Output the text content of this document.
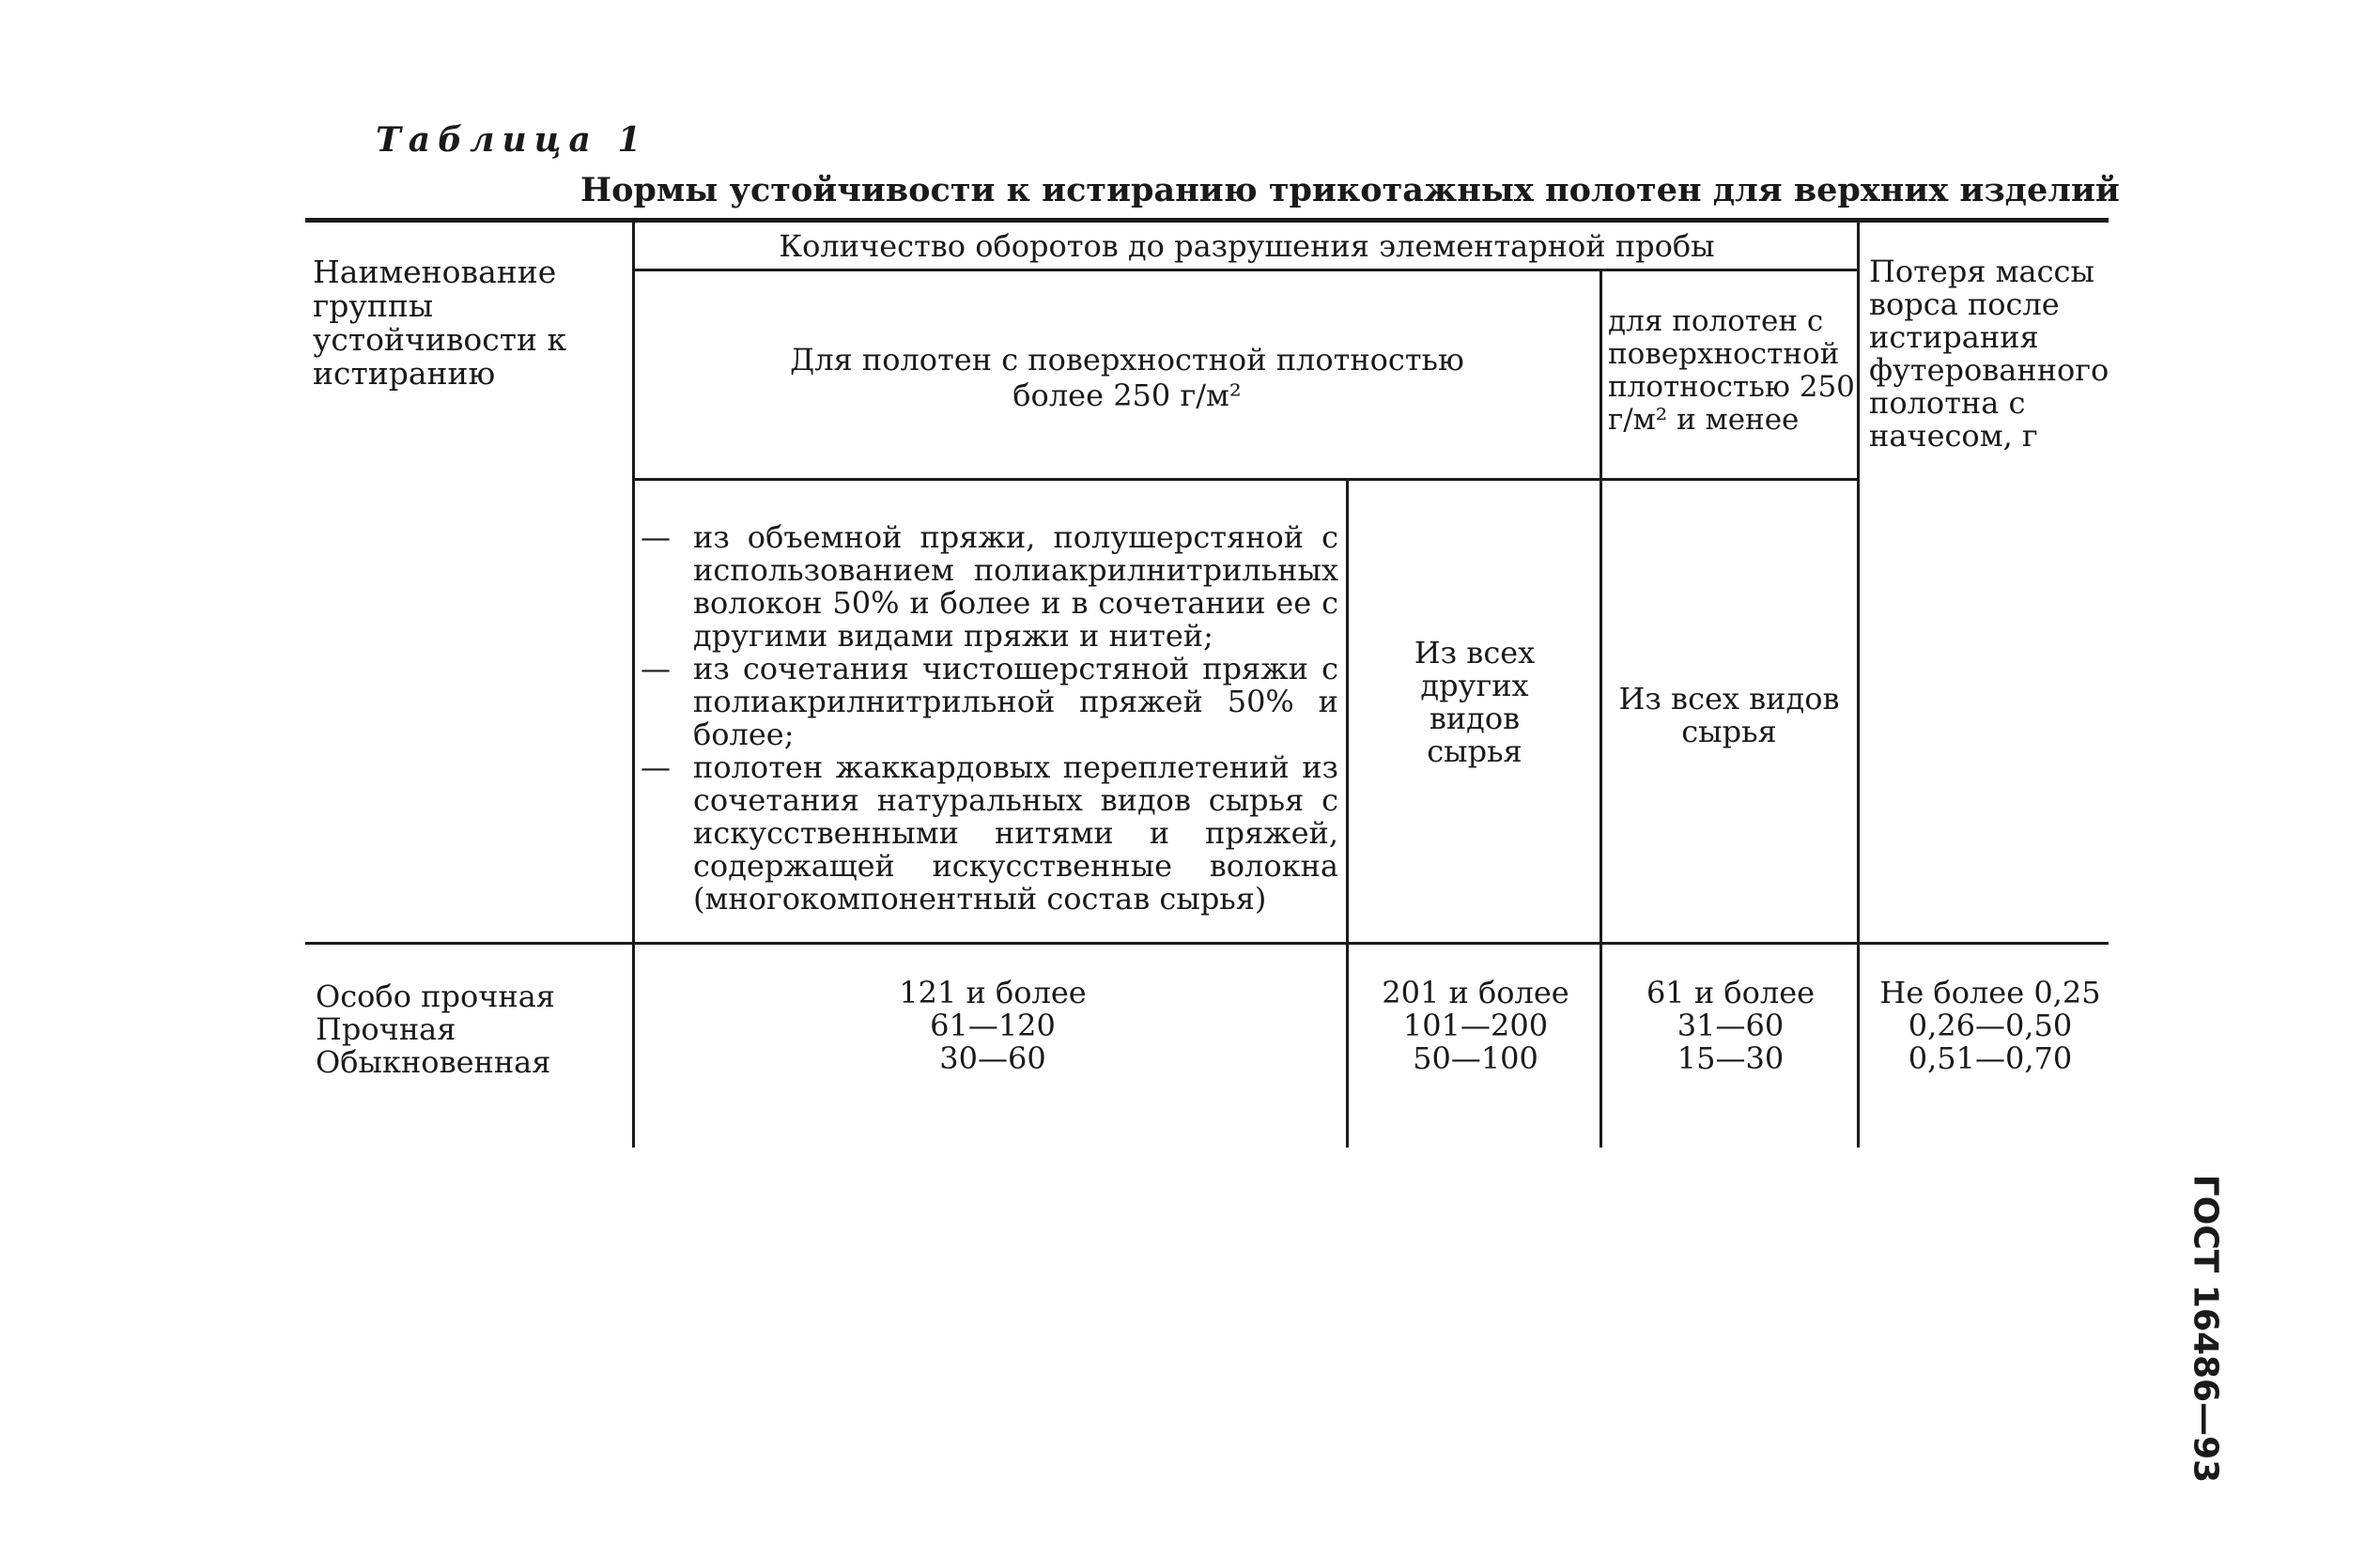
Таблица 1
Нормы устойчивости к истиранию трикотажных полотен для верхних изделий
Наименование группы устойчивости к истиранию
Количество оборотов до разрушения элементарной пробы
Для полотен с поверхностной плотностью более 250 г/м²
для полотен с поверхностной плотностью 250 г/м² и менее
Потеря массы ворса после истирания футерованного полотна с начесом, г
— из объемной пряжи, полушерстяной с использованием полиакрилнитрильных волокон 50% и более и в сочетании ее с другими видами пряжи и нитей;
— из сочетания чистошерстяной пряжи с полиакрилнитрильной пряжей 50% и более;
— полотен жаккардовых переплетений из сочетания натуральных видов сырья с искусственными нитями и пряжей, содержащей искусственные волокна (многокомпонентный состав сырья)
Из всех других видов сырья
Из всех видов сырья
Особо прочная
Прочная
Обыкновенная
121 и более
61—120
30—60
201 и более
101—200
50—100
61 и более
31—60
15—30
Не более 0,25
0,26—0,50
0,51—0,70
ГОСТ 16486—93
